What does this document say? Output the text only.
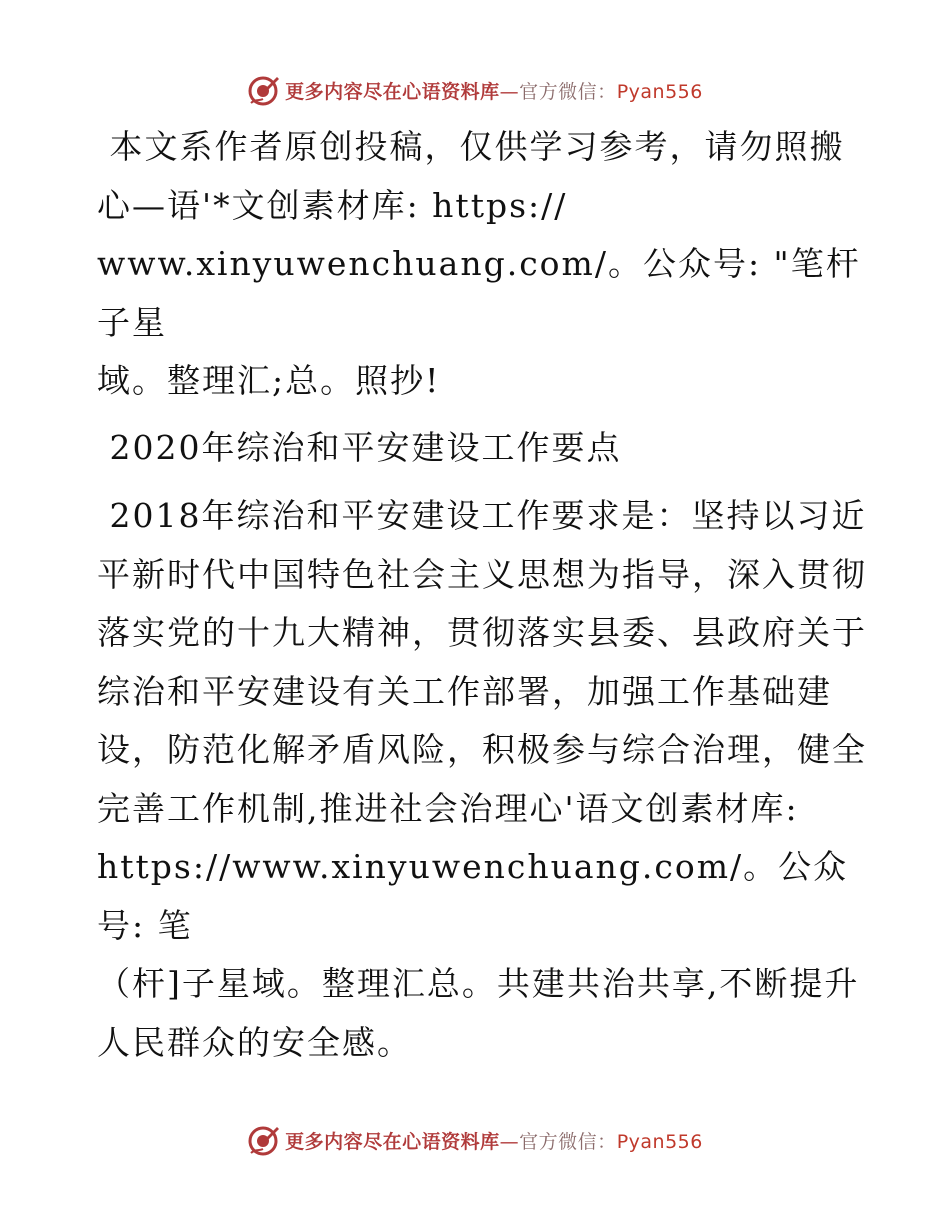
更多内容尽在心语资料库—官方微信：Pyan556

本文系作者原创投稿，仅供学习参考，请勿照搬

心—语'*文创素材库: https://

www.xinyuwenchuang.com/。公众号: "笔杆子星

域。整理汇;总。照抄!

2020年综治和平安建设工作要点

2018年综治和平安建设工作要求是：坚持以习近

平新时代中国特色社会主义思想为指导，深入贯彻

落实党的十九大精神，贯彻落实县委、县政府关于

综治和平安建设有关工作部署，加强工作基础建

设，防范化解矛盾风险，积极参与综合治理，健全

完善工作机制,推进社会治理心'语文创素材库:

https://www.xinyuwenchuang.com/。公众号: 笔

（杆]子星域。整理汇总。共建共治共享,不断提升

人民群众的安全感。

更多内容尽在心语资料库—官方微信：Pyan556
